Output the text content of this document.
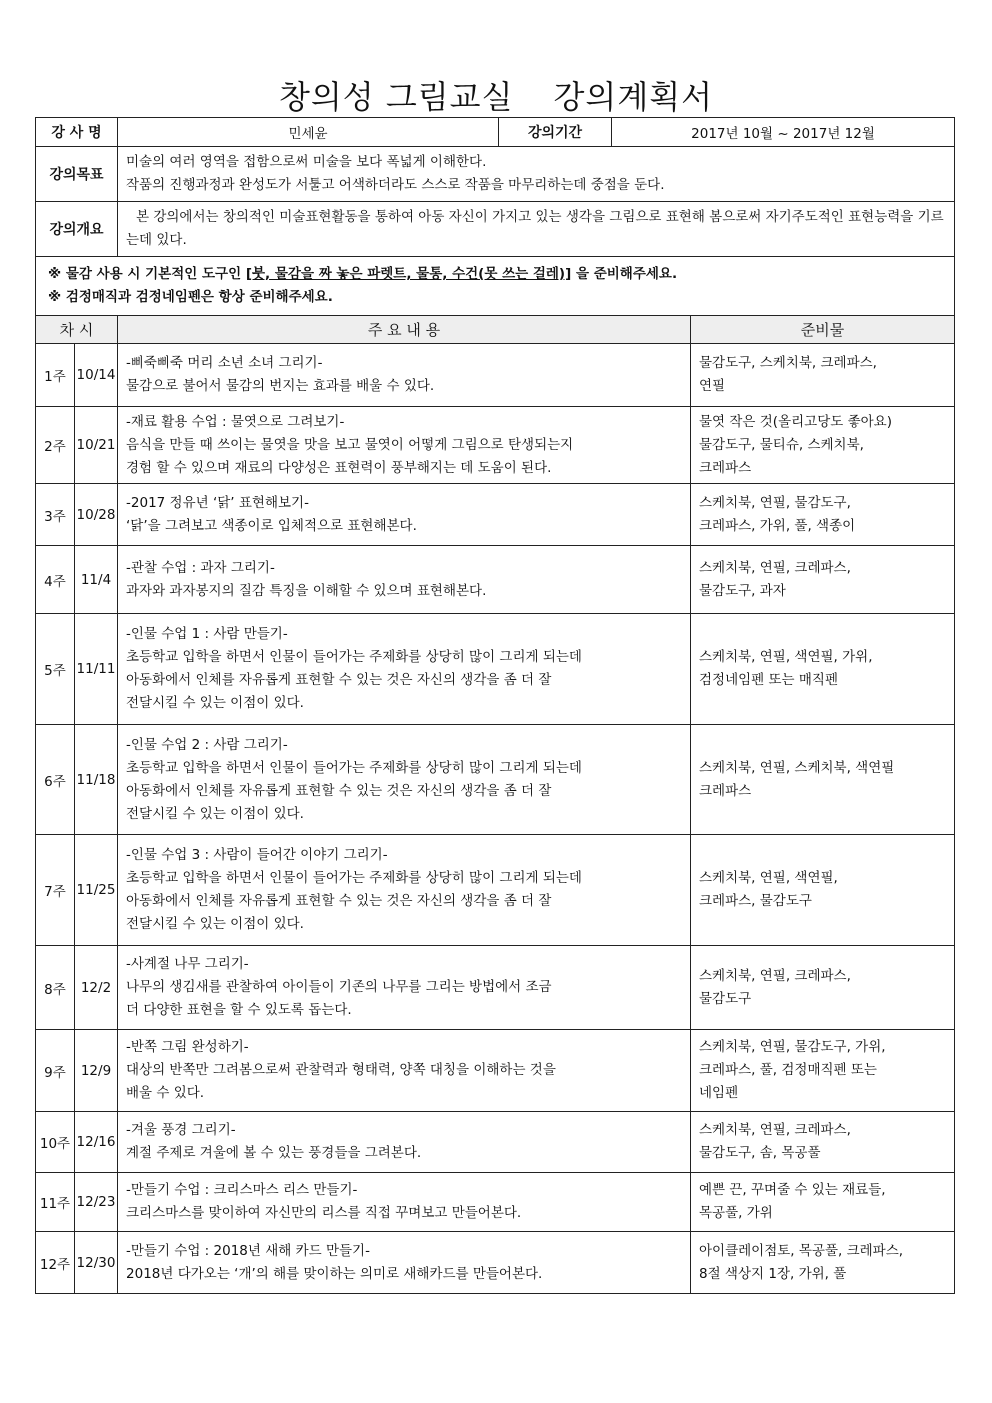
창의성 그림교실 강의계획서
강 사 명		민세윤	강의기간	2017년 10월 ~ 2017년 12월	
강의목표		미술의 여러 영역을 접함으로써 미술을 보다 폭넓게 이해한다.
작품의 진행과정과 완성도가 서툴고 어색하더라도 스스로 작품을 마무리하는데 중점을 둔다.			

강의개요		본 강의에서는 창의적인 미술표현활동을 통하여 아동 자신이 가지고 있는 생각을 그림으로 표현해 봄으로써 자기주도적인 표현능력을 기르는데 있다.			

※ 물감 사용 시 기본적인 도구인 [붓, 물감을 짜 놓은 파렛트, 물통, 수건(못 쓰는 걸레)] 을 준비해주세요.
※ 검정매직과 검정네임펜은 항상 준비해주세요.					

차 시		주 요 내 용			준비물
1주	10/14	-삐죽삐죽 머리 소년 소녀 그리기-
물감으로 불어서 물감의 번지는 효과를 배울 수 있다.			물감도구, 스케치북, 크레파스,
연필

2주	10/21	-재료 활용 수업 : 물엿으로 그려보기-
음식을 만들 때 쓰이는 물엿을 맛을 보고 물엿이 어떻게 그림으로 탄생되는지
경험 할 수 있으며 재료의 다양성은 표현력이 풍부해지는 데 도움이 된다.			물엿 작은 것(올리고당도 좋아요)
물감도구, 물티슈, 스케치북,
크레파스

3주	10/28	-2017 정유년 ‘닭’ 표현해보기-
‘닭’을 그려보고 색종이로 입체적으로 표현해본다.			스케치북, 연필, 물감도구,
크레파스, 가위, 풀, 색종이

4주	11/4	-관찰 수업 : 과자 그리기-
과자와 과자봉지의 질감 특징을 이해할 수 있으며 표현해본다.			스케치북, 연필, 크레파스,
물감도구, 과자

5주	11/11	-인물 수업 1 : 사람 만들기-
초등학교 입학을 하면서 인물이 들어가는 주제화를 상당히 많이 그리게 되는데
아동화에서 인체를 자유롭게 표현할 수 있는 것은 자신의 생각을 좀 더 잘
전달시킬 수 있는 이점이 있다.			스케치북, 연필, 색연필, 가위,
검정네임펜 또는 매직펜

6주	11/18	-인물 수업 2 : 사람 그리기-
초등학교 입학을 하면서 인물이 들어가는 주제화를 상당히 많이 그리게 되는데
아동화에서 인체를 자유롭게 표현할 수 있는 것은 자신의 생각을 좀 더 잘
전달시킬 수 있는 이점이 있다.			스케치북, 연필, 스케치북, 색연필
크레파스

7주	11/25	-인물 수업 3 : 사람이 들어간 이야기 그리기-
초등학교 입학을 하면서 인물이 들어가는 주제화를 상당히 많이 그리게 되는데
아동화에서 인체를 자유롭게 표현할 수 있는 것은 자신의 생각을 좀 더 잘
전달시킬 수 있는 이점이 있다.			스케치북, 연필, 색연필,
크레파스, 물감도구

8주	12/2	-사계절 나무 그리기-
나무의 생김새를 관찰하여 아이들이 기존의 나무를 그리는 방법에서 조금
더 다양한 표현을 할 수 있도록 돕는다.			스케치북, 연필, 크레파스,
물감도구

9주	12/9	-반쪽 그림 완성하기-
대상의 반쪽만 그려봄으로써 관찰력과 형태력, 양쪽 대칭을 이해하는 것을
배울 수 있다.			스케치북, 연필, 물감도구, 가위,
크레파스, 풀, 검정매직펜 또는
네임펜

10주	12/16	-겨울 풍경 그리기-
계절 주제로 겨울에 볼 수 있는 풍경들을 그려본다.			스케치북, 연필, 크레파스,
물감도구, 솜, 목공풀

11주	12/23	-만들기 수업 : 크리스마스 리스 만들기-
크리스마스를 맞이하여 자신만의 리스를 직접 꾸며보고 만들어본다.			예쁜 끈, 꾸며줄 수 있는 재료들,
목공풀, 가위

12주	12/30	-만들기 수업 : 2018년 새해 카드 만들기-
2018년 다가오는 ‘개’의 해를 맞이하는 의미로 새해카드를 만들어본다.			아이클레이점토, 목공풀, 크레파스,
8절 색상지 1장, 가위, 풀
